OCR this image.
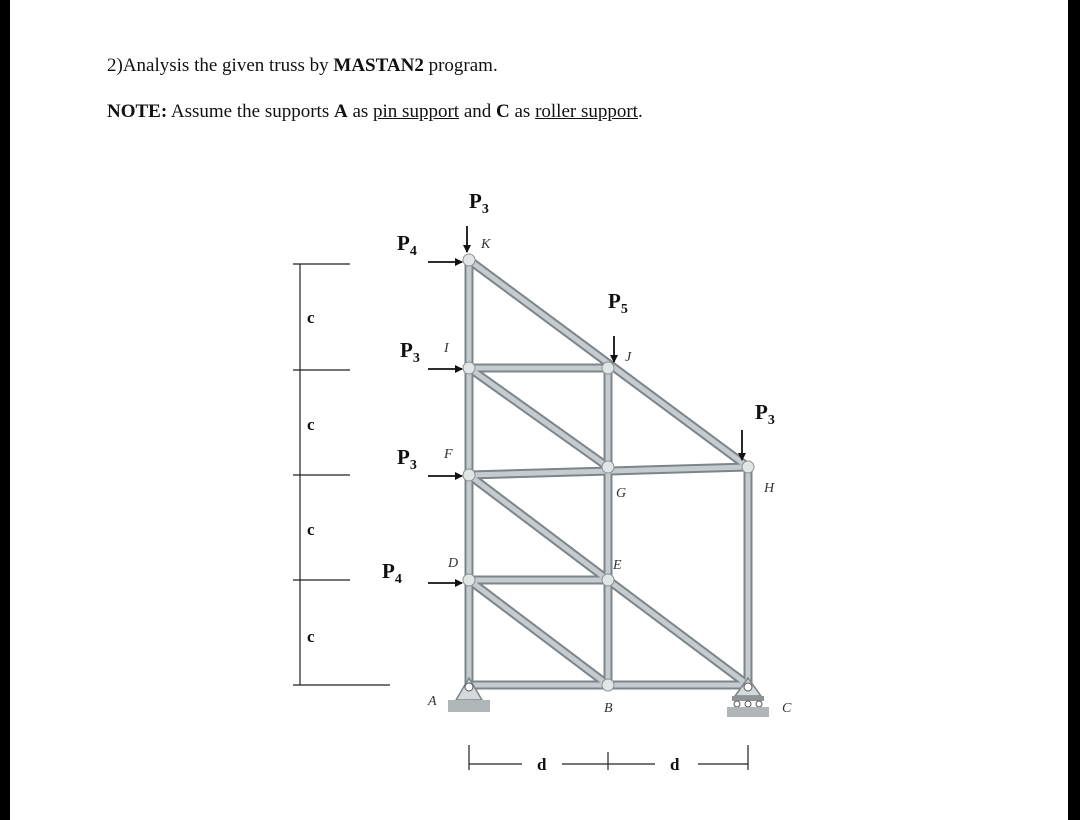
2)Analysis the given truss by MASTAN2 program.
NOTE: Assume the supports A as pin support and C as roller support.
c
c
c
c
$P_3$
$P_4$
$P_5$
$P_3$
$P_3$
$P_3$
$P_4$
K
I
J
F
G	H
D	E
A	B	C
d	d
